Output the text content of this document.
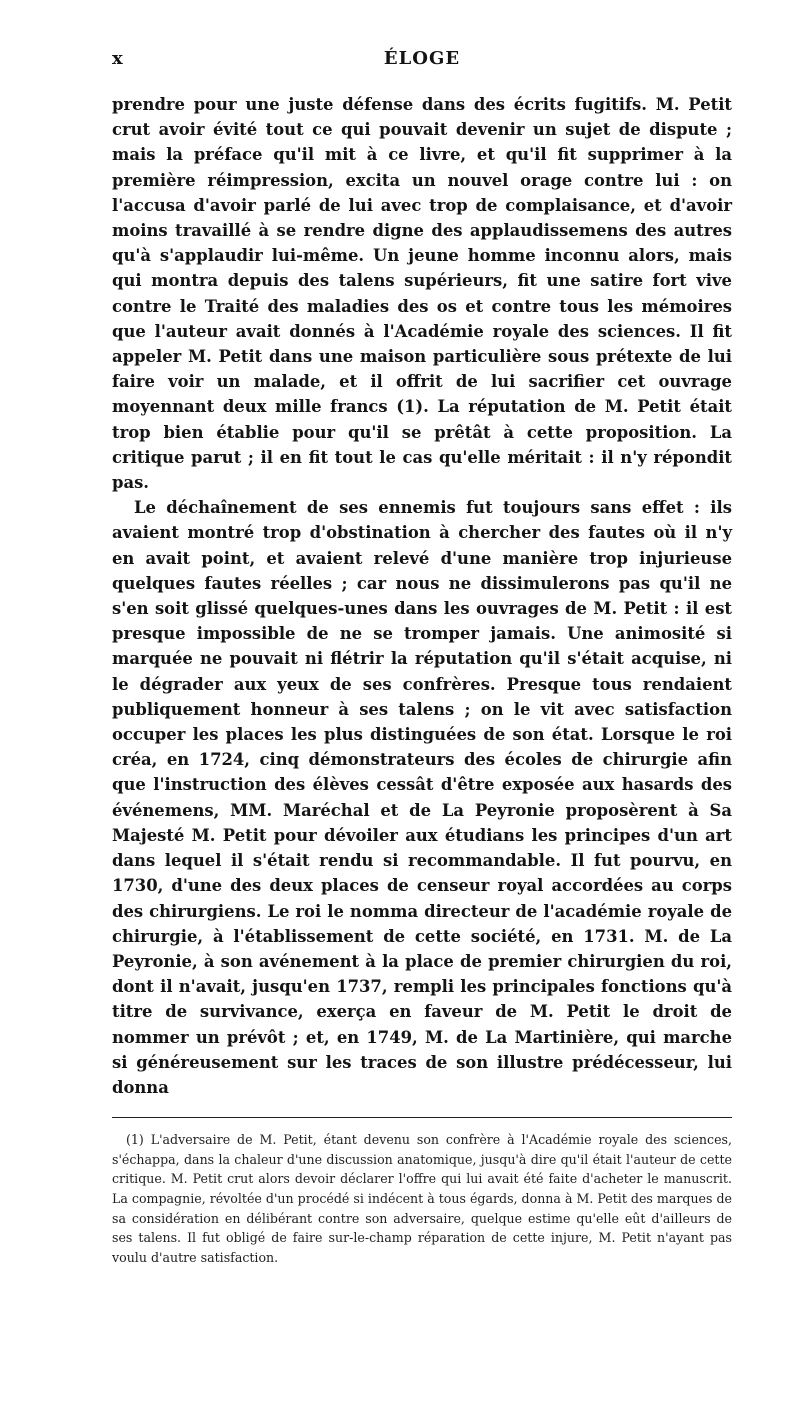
x	ÉLOGE

prendre pour une juste défense dans des écrits fugitifs. M. Petit crut avoir évité tout ce qui pouvait devenir un sujet de dispute ; mais la préface qu'il mit à ce livre, et qu'il fit supprimer à la première réimpression, excita un nouvel orage contre lui : on l'accusa d'avoir parlé de lui avec trop de complaisance, et d'avoir moins travaillé à se rendre digne des applaudissemens des autres qu'à s'applaudir lui-même. Un jeune homme inconnu alors, mais qui montra depuis des talens supérieurs, fit une satire fort vive contre le Traité des maladies des os et contre tous les mémoires que l'auteur avait donnés à l'Académie royale des sciences. Il fit appeler M. Petit dans une maison particulière sous prétexte de lui faire voir un malade, et il offrit de lui sacrifier cet ouvrage moyennant deux mille francs (1). La réputation de M. Petit était trop bien établie pour qu'il se prêtât à cette proposition. La critique parut ; il en fit tout le cas qu'elle méritait : il n'y répondit pas.

Le déchaînement de ses ennemis fut toujours sans effet : ils avaient montré trop d'obstination à chercher des fautes où il n'y en avait point, et avaient relevé d'une manière trop injurieuse quelques fautes réelles ; car nous ne dissimulerons pas qu'il ne s'en soit glissé quelques-unes dans les ouvrages de M. Petit : il est presque impossible de ne se tromper jamais. Une animosité si marquée ne pouvait ni flétrir la réputation qu'il s'était acquise, ni le dégrader aux yeux de ses confrères. Presque tous rendaient publiquement honneur à ses talens ; on le vit avec satisfaction occuper les places les plus distinguées de son état. Lorsque le roi créa, en 1724, cinq démonstrateurs des écoles de chirurgie afin que l'instruction des élèves cessât d'être exposée aux hasards des événemens, MM. Maréchal et de La Peyronie proposèrent à Sa Majesté M. Petit pour dévoiler aux étudians les principes d'un art dans lequel il s'était rendu si recommandable. Il fut pourvu, en 1730, d'une des deux places de censeur royal accordées au corps des chirurgiens. Le roi le nomma directeur de l'académie royale de chirurgie, à l'établissement de cette société, en 1731. M. de La Peyronie, à son avénement à la place de premier chirurgien du roi, dont il n'avait, jusqu'en 1737, rempli les principales fonctions qu'à titre de survivance, exerça en faveur de M. Petit le droit de nommer un prévôt ; et, en 1749, M. de La Martinière, qui marche si généreusement sur les traces de son illustre prédécesseur, lui donna

(1) L'adversaire de M. Petit, étant devenu son confrère à l'Académie royale des sciences, s'échappa, dans la chaleur d'une discussion anatomique, jusqu'à dire qu'il était l'auteur de cette critique. M. Petit crut alors devoir déclarer l'offre qui lui avait été faite d'acheter le manuscrit. La compagnie, révoltée d'un procédé si indécent à tous égards, donna à M. Petit des marques de sa considération en délibérant contre son adversaire, quelque estime qu'elle eût d'ailleurs de ses talens. Il fut obligé de faire sur-le-champ réparation de cette injure, M. Petit n'ayant pas voulu d'autre satisfaction.
